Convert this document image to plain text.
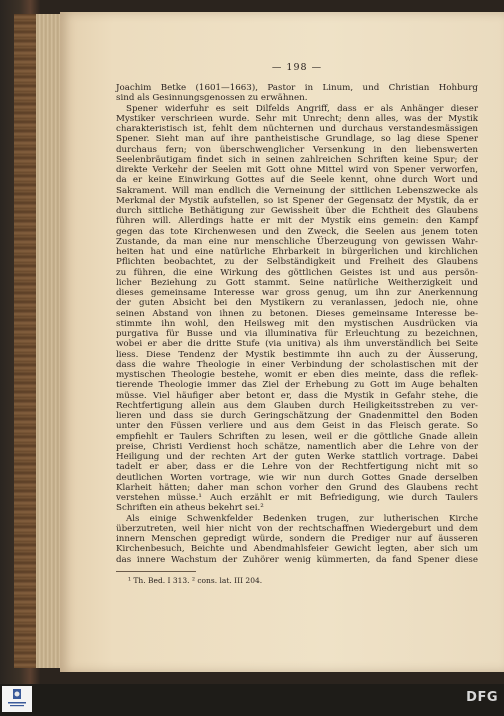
— 198 —
Joachim Betke (1601—1663), Pastor in Linum, und Christian Hohburg
sind als Gesinnungsgenossen zu erwähnen.
Spener widerfuhr es seit Dilfelds Angriff, dass er als Anhänger dieser
Mystiker verschrieen wurde. Sehr mit Unrecht; denn alles, was der Mystik
charakteristisch ist, fehlt dem nüchternen und durchaus verstandesmässigen
Spener. Sieht man auf ihre pantheistische Grundlage, so lag diese Spener
durchaus fern; von überschwenglicher Versenkung in den liebenswerten
Seelenbräutigam findet sich in seinen zahlreichen Schriften keine Spur; der
direkte Verkehr der Seelen mit Gott ohne Mittel wird von Spener verworfen,
da er keine Einwirkung Gottes auf die Seele kennt, ohne durch Wort und
Sakrament. Will man endlich die Verneinung der sittlichen Lebenszwecke als
Merkmal der Mystik aufstellen, so ist Spener der Gegensatz der Mystik, da er
durch sittliche Bethätigung zur Gewissheit über die Echtheit des Glaubens
führen will. Allerdings hatte er mit der Mystik eins gemein: den Kampf
gegen das tote Kirchenwesen und den Zweck, die Seelen aus jenem toten
Zustande, da man eine nur menschliche Überzeugung von gewissen Wahr-
heiten hat und eine natürliche Ehrbarkeit in bürgerlichen und kirchlichen
Pflichten beobachtet, zu der Selbständigkeit und Freiheit des Glaubens
zu führen, die eine Wirkung des göttlichen Geistes ist und aus persön-
licher Beziehung zu Gott stammt. Seine natürliche Weitherzigkeit und
dieses gemeinsame Interesse war gross genug, um ihn zur Anerkennung
der guten Absicht bei den Mystikern zu veranlassen, jedoch nie, ohne
seinen Abstand von ihnen zu betonen. Dieses gemeinsame Interesse be-
stimmte ihn wohl, den Heilsweg mit den mystischen Ausdrücken via
purgativa für Busse und via illuminativa für Erleuchtung zu bezeichnen,
wobei er aber die dritte Stufe (via unitiva) als ihm unverständlich bei Seite
liess. Diese Tendenz der Mystik bestimmte ihn auch zu der Äusserung,
dass die wahre Theologie in einer Verbindung der scholastischen mit der
mystischen Theologie bestehe, womit er eben dies meinte, dass die reflek-
tierende Theologie immer das Ziel der Erhebung zu Gott im Auge behalten
müsse. Viel häufiger aber betont er, dass die Mystik in Gefahr stehe, die
Rechtfertigung allein aus dem Glauben durch Heiligkeitsstreben zu ver-
lieren und dass sie durch Geringschätzung der Gnadenmittel den Boden
unter den Füssen verliere und aus dem Geist in das Fleisch gerate. So
empfiehlt er Taulers Schriften zu lesen, weil er die göttliche Gnade allein
preise, Christi Verdienst hoch schätze, namentlich aber die Lehre von der
Heiligung und der rechten Art der guten Werke stattlich vortrage. Dabei
tadelt er aber, dass er die Lehre von der Rechtfertigung nicht mit so
deutlichen Worten vortrage, wie wir nun durch Gottes Gnade derselben
Klarheit hätten; daher man schon vorher den Grund des Glaubens recht
verstehen müsse.¹ Auch erzählt er mit Befriedigung, wie durch Taulers
Schriften ein atheus bekehrt sei.²
Als einige Schwenkfelder Bedenken trugen, zur lutherischen Kirche
überzutreten, weil hier nicht von der rechtschaffnen Wiedergeburt und dem
innern Menschen gepredigt würde, sondern die Prediger nur auf äusseren
Kirchenbesuch, Beichte und Abendmahlsfeier Gewicht legten, aber sich um
das innere Wachstum der Zuhörer wenig kümmerten, da fand Spener diese
¹ Th. Bed. I 313. ² cons. lat. III 204.
DFG
